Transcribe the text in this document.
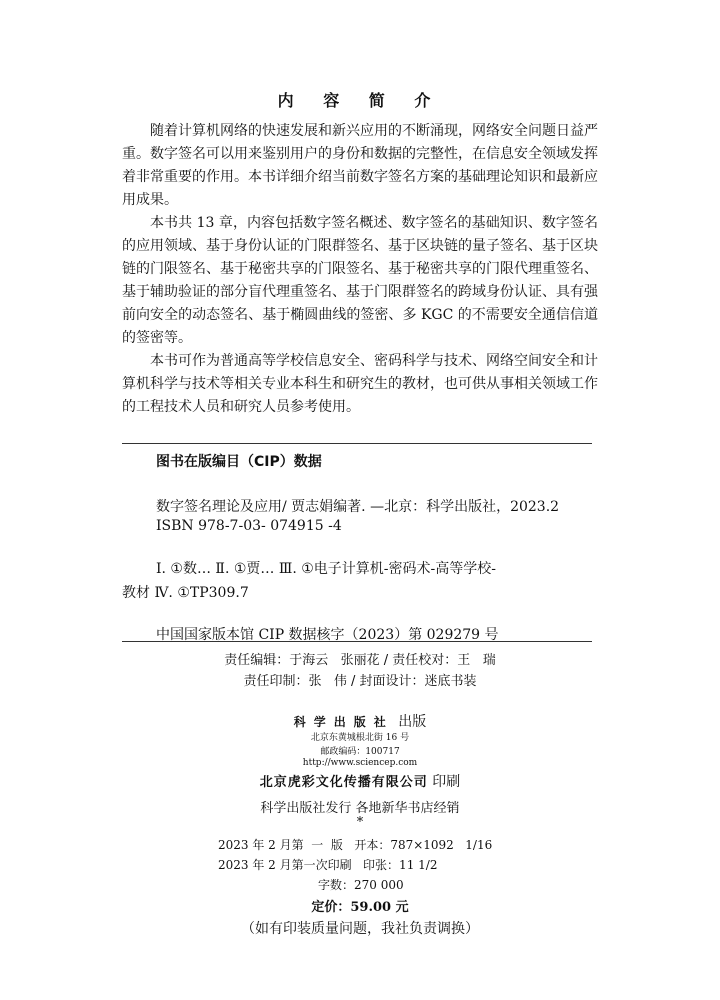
内 容 简 介

随着计算机网络的快速发展和新兴应用的不断涌现，网络安全问题日益严重。数字签名可以用来鉴别用户的身份和数据的完整性，在信息安全领域发挥着非常重要的作用。本书详细介绍当前数字签名方案的基础理论知识和最新应用成果。

本书共 13 章，内容包括数字签名概述、数字签名的基础知识、数字签名的应用领域、基于身份认证的门限群签名、基于区块链的量子签名、基于区块链的门限签名、基于秘密共享的门限签名、基于秘密共享的门限代理重签名、基于辅助验证的部分盲代理重签名、基于门限群签名的跨域身份认证、具有强前向安全的动态签名、基于椭圆曲线的签密、多 KGC 的不需要安全通信信道的签密等。

本书可作为普通高等学校信息安全、密码科学与技术、网络空间安全和计算机科学与技术等相关专业本科生和研究生的教材，也可供从事相关领域工作的工程技术人员和研究人员参考使用。

图书在版编目（CIP）数据
数字签名理论及应用/ 贾志娟编著. —北京：科学出版社，2023.2
ISBN 978-7-03- 074915 -4
Ⅰ. ①数… Ⅱ. ①贾… Ⅲ. ①电子计算机-密码术-高等学校-
教材 Ⅳ. ①TP309.7
中国国家版本馆 CIP 数据核字（2023）第 029279 号
责任编辑：于海云   张丽花 / 责任校对：王   瑞
责任印制：张   伟 / 封面设计：迷底书装
科学出版社 出版
北京东黄城根北街 16 号
邮政编码：100717
http://www.sciencep.com
北京虎彩文化传播有限公司 印刷
科学出版社发行 各地新华书店经销
*
2023 年 2 月第  一  版   开本：787×1092   1/16
2023 年 2 月第一次印刷   印张：11 1/2
字数：270 000
定价：59.00 元
（如有印装质量问题，我社负责调换）
